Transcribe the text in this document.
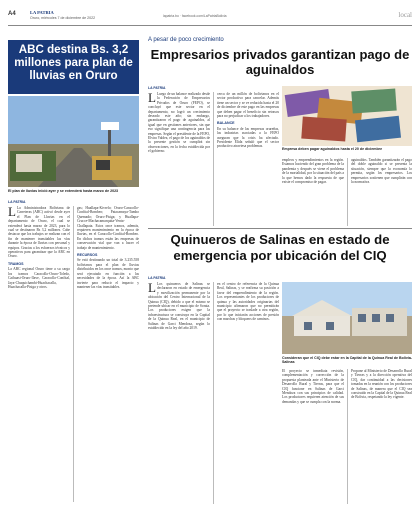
A4	LA PATRIA
Oruro, miércoles 7 de diciembre de 2022	lapatria.bo · facebook.com/LaPatriaBolivia	local
ABC destina Bs. 3,2 millones para plan de lluvias en Oruro
El plan de lluvias inició ayer y se extenderá hasta marzo de 2023
LA PATRIA
L La Administradora Boliviana de Carreteras (ABC) activó desde ayer el Plan de Lluvias en el departamento de Oruro, el cual se extenderá hasta marzo de 2023, para lo cual se destinaron Bs 3,2 millones. Cabe destacar que los trabajos se realizan con el fin de mantener transitables las vías durante la época de lluvias con personal y equipos. Gracias a los esfuerzos técnicos y operativos para garantizar que la ABC en Oruro.
TRAMOS
La ABC regional Oruro tiene a su cargo los tramos Caracollo-Oruro-Toledo, Caihuasi-Oruro-Ilave, Caracollo-Confital, Jaya-Chuquichambi-Huachacalla, Huachacalla-Pisiga y otros.
gas; Huallapa-Kivrelo; Oruro-Caracollo-Confital-Bombeo; Patacamaya-Tambo Quemado; Oruro-Pisiga; y Huallapa-Crucce-Machacamarquita-Venta-Challapata. Estos once tramos, además, requieren mantenimiento en la época de lluvias, en el Caracollo-Confital-Bombeo. En dichos tramos están las empresas de conservación vial que van a hacer el trabajo de mantenimiento.
RECURSOS
Se está destinando un total de 3.235.558 bolivianos para el plan de lluvias distribuidos en los once tramos, monto que será ejecutado en función a las necesidades de la época. Así la ABC invierte para reducir el impacto y mantener las vías transitables.
A pesar de poco crecimiento
Empresarios privados garantizan pago de aguinaldos
LA PATRIA
L Luego de un balance realizado desde la Federación de Empresarios Privados de Oruro (FEPO), se concluyó que este sector en el departamento, no logró un crecimiento deseado este año; sin embargo, garantizaron el pago de aguinaldos, al igual que en gestiones anteriores, sin que eso signifique una contingencia para las empresas. Según el presidente de la FEPO, Elvira Valdez, el pago de los aguinaldos de la presente gestión se cumplirá sin observaciones, en la fecha establecida por el gobierno.
cerca de un millón de bolivianos en el sector productivo para cancelar. Además tiene un sector y se ve reducida hasta el 20 de diciembre de este pago en las empresas que deben pagar el beneficio sin retrasos para no perjudicar a los trabajadores.
BALANCE
En su balance de las empresas orureñas, las industrias asociadas a la FEPO aseguran que la crisis ha afectado. Presidente Élida señaló que el sector productivo atraviesa problemas.
Empresa deben pagar aguinaldos hasta el 20 de diciembre
empleos y emprendimientos en la región. Estamos haciendo del gran problema de la pandemia y después se viene el problema de la mortalidad, por la situación del país a la que hemos dado la respuesta de que existe el compromiso de pagar.
aguinaldos. También garantizarán el pago del doble aguinaldo si se presenta la situación, siempre que la economía lo permita, según los empresarios. Los empresarios sostienen que cumplirán con la normativa.
Quinueros de Salinas en estado de emergencia por ubicación del CIQ
LA PATRIA
L Los quinueros de Salinas se declararon en estado de emergencia y movilización permanente por la ubicación del Centro Internacional de la Quinua (CIQ), debido a que el mismo se pretende ubicar en el municipio de Sorata. Los productores exigen que la infraestructura se construya en la Capital de la Quinua Real, en el municipio de Salinas de Garci Mendoza, según lo establecido en la ley del año 2019.
en el centro de referencia de la Quinua Real, Salinas, y se reafirma su posición a favor del emprendimiento de la región. Los representantes de los productores de quinua y las autoridades originarias del municipio afirmaron que no permitirán que el proyecto se traslade a otra región, por lo que iniciarán acciones de presión con marchas y bloqueos de caminos.
Consideran que el CIQ debe estar en la Capital de la Quinua Real de Bolivia-Salinas
El proyecto se inmediata revisión, complementación y corrección de la propuesta planteada ante el Ministerio de Desarrollo Rural y Tierras, para que el CIQ funcione en Salinas de Garci Mendoza con sus principios de calidad. Los productores requieren atención de sus demandas y que se cumpla con la norma.
Propone al Ministerio de Desarrollo Rural y Tierras y a la dirección operativa del CIQ, dar continuidad a las decisiones tomadas en la reunión con los productores de Salinas, de manera que el CIQ sea construido en la Capital de la Quinua Real de Bolivia, respetando la ley vigente.
